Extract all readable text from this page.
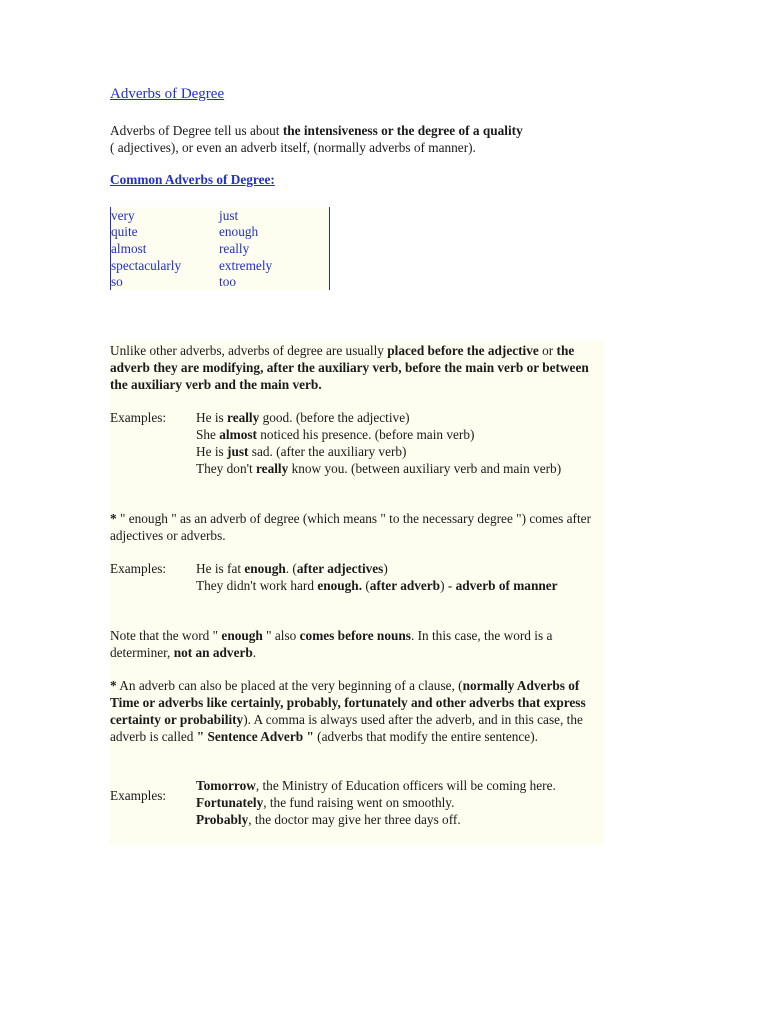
Adverbs of Degree
Adverbs of Degree tell us about the intensiveness or the degree of a quality
( adjectives), or even an adverb itself, (normally adverbs of manner).
Common Adverbs of Degree:
very	just
quite	enough
almost	really
spectacularly	extremely
so	too
Unlike other adverbs, adverbs of degree are usually placed before the adjective or the adverb they are modifying, after the auxiliary verb, before the main verb or between the auxiliary verb and the main verb.
Examples: He is really good. (before the adjective)
She almost noticed his presence. (before main verb)
He is just sad. (after the auxiliary verb)
They don't really know you. (between auxiliary verb and main verb)
* " enough " as an adverb of degree (which means " to the necessary degree ") comes after adjectives or adverbs.
Examples: He is fat enough. (after adjectives)
They didn't work hard enough. (after adverb) - adverb of manner
Note that the word " enough " also comes before nouns. In this case, the word is a determiner, not an adverb.
* An adverb can also be placed at the very beginning of a clause, (normally Adverbs of Time or adverbs like certainly, probably, fortunately and other adverbs that express certainty or probability). A comma is always used after the adverb, and in this case, the adverb is called " Sentence Adverb " (adverbs that modify the entire sentence).
Examples:
Tomorrow, the Ministry of Education officers will be coming here.
Fortunately, the fund raising went on smoothly.
Probably, the doctor may give her three days off.
